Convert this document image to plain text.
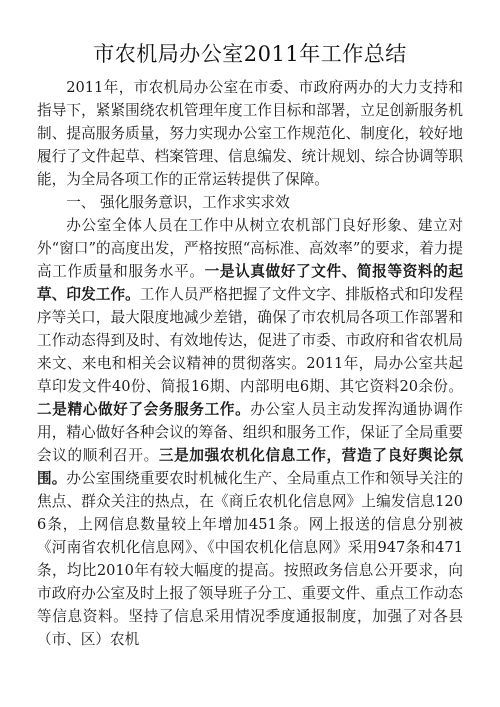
市农机局办公室2011年工作总结

2011年，市农机局办公室在市委、市政府两办的大力支持和指导下，紧紧围绕农机管理年度工作目标和部署，立足创新服务机制、提高服务质量，努力实现办公室工作规范化、制度化，较好地履行了文件起草、档案管理、信息编发、统计规划、综合协调等职能，为全局各项工作的正常运转提供了保障。

一、 强化服务意识，工作求实求效

办公室全体人员在工作中从树立农机部门良好形象、建立对外“窗口”的高度出发，严格按照“高标准、高效率”的要求，着力提高工作质量和服务水平。一是认真做好了文件、简报等资料的起草、印发工作。工作人员严格把握了文件文字、排版格式和印发程序等关口，最大限度地减少差错，确保了市农机局各项工作部署和工作动态得到及时、有效地传达，促进了市委、市政府和省农机局来文、来电和相关会议精神的贯彻落实。2011年，局办公室共起草印发文件40份、简报16期、内部明电6期、其它资料20余份。二是精心做好了会务服务工作。办公室人员主动发挥沟通协调作用，精心做好各种会议的筹备、组织和服务工作，保证了全局重要会议的顺利召开。三是加强农机化信息工作，营造了良好舆论氛围。办公室围绕重要农时机械化生产、全局重点工作和领导关注的焦点、群众关注的热点，在《商丘农机化信息网》上编发信息1206条，上网信息数量较上年增加451条。网上报送的信息分别被《河南省农机化信息网》、《中国农机化信息网》采用947条和471条，均比2010年有较大幅度的提高。按照政务信息公开要求，向市政府办公室及时上报了领导班子分工、重要文件、重点工作动态等信息资料。坚持了信息采用情况季度通报制度，加强了对各县（市、区）农机
